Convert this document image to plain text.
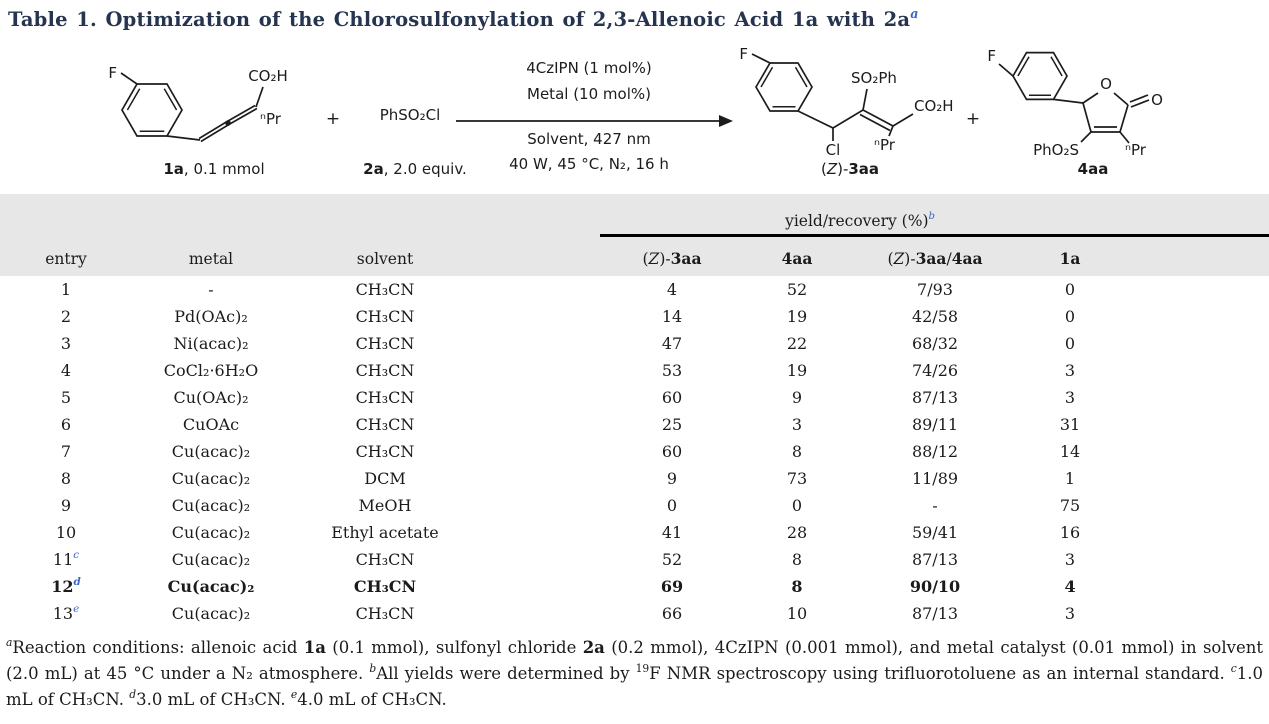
Table 1. Optimization of the Chlorosulfonylation of 2,3-Allenoic Acid 1a with $2a^a$
F	CO₂H
ⁿPr
1a, 0.1 mmol
+	PhSO₂Cl
2a, 2.0 equiv.
4CzIPN (1 mol%)
Metal (10 mol%)
Solvent, 427 nm
40 W, 45 °C, N₂, 16 h
F
Cl
SO₂Ph
CO₂H
ⁿPr
(Z)-3aa
+
F
O
O
PhO₂S	ⁿPr
4aa
				yield/recovery (%)$^b$	
entry	metal	solvent		(Z)-3aa	4aa	(Z)-3aa/4aa	1a	
1	-	CH₃CN		4	52	7/93	0	
2	Pd(OAc)₂	CH₃CN		14	19	42/58	0	
3	Ni(acac)₂	CH₃CN		47	22	68/32	0	
4	CoCl₂·6H₂O	CH₃CN		53	19	74/26	3	
5	Cu(OAc)₂	CH₃CN		60	9	87/13	3	
6	CuOAc	CH₃CN		25	3	89/11	31	
7	Cu(acac)₂	CH₃CN		60	8	88/12	14	
8	Cu(acac)₂	DCM		9	73	11/89	1	
9	Cu(acac)₂	MeOH		0	0	-	75	
10	Cu(acac)₂	Ethyl acetate		41	28	59/41	16	
11$^c$	Cu(acac)₂	CH₃CN		52	8	87/13	3	
12$^d$	Cu(acac)₂	CH₃CN		69	8	90/10	4	
13e	Cu(acac)₂	CH₃CN		66	10	87/13	3	
$^a$Reaction conditions: allenoic acid 1a (0.1 mmol), sulfonyl chloride 2a (0.2 mmol), 4CzIPN (0.001 mmol), and metal catalyst (0.01 mmol) in solvent (2.0 mL) at 45 °C under a N₂ atmosphere. $^b$All yields were determined by $^{19}$F NMR spectroscopy using trifluorotoluene as an internal standard. $^c$1.0 mL of CH₃CN. $^d$3.0 mL of CH₃CN. $^e$4.0 mL of CH₃CN.
